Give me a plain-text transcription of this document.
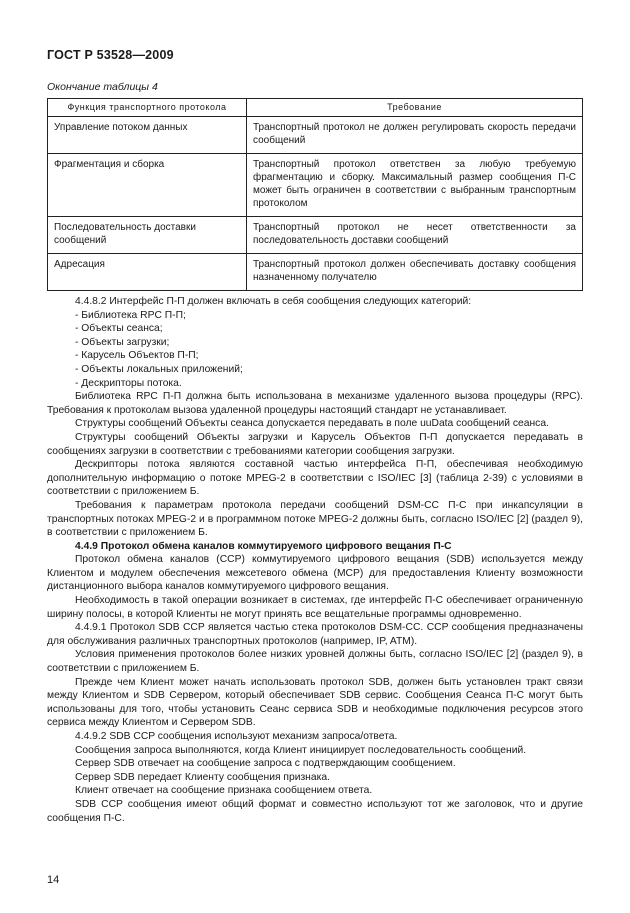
ГОСТ Р 53528—2009
Окончание таблицы 4
Функция транспортного протокола	Требование
Управление потоком данных	Транспортный протокол не должен регулировать скорость передачи сообщений
Фрагментация и сборка	Транспортный протокол ответствен за любую требуемую фрагментацию и сборку. Максимальный размер сообщения П-С может быть ограничен в соответствии с выбранным транспортным протоколом
Последовательность доставки сообщений	Транспортный протокол не несет ответственности за последовательность доставки сообщений
Адресация	Транспортный протокол должен обеспечивать доставку сообщения назначенному получателю

4.4.8.2 Интерфейс П-П должен включать в себя сообщения следующих категорий:

- Библиотека RPC П-П;

- Объекты сеанса;

- Объекты загрузки;

- Карусель Объектов П-П;

- Объекты локальных приложений;

- Дескрипторы потока.

Библиотека RPC П-П должна быть использована в механизме удаленного вызова процедуры (RPC). Требования к протоколам вызова удаленной процедуры настоящий стандарт не устанавливает.

Структуры сообщений Объекты сеанса допускается передавать в поле uuData сообщений сеанса.

Структуры сообщений Объекты загрузки и Карусель Объектов П-П допускается передавать в сообщениях загрузки в соответствии с требованиями категории сообщения загрузки.

Дескрипторы потока являются составной частью интерфейса П-П, обеспечивая необходимую дополнительную информацию о потоке MPEG-2 в соответствии с ISO/IEC [3] (таблица 2-39) с условиями в соответствии с приложением Б.

Требования к параметрам протокола передачи сообщений DSM-CC П-С при инкапсуляции в транспортных потоках MPEG-2 и в программном потоке MPEG-2 должны быть, согласно ISO/IEC [2] (раздел 9), в соответствии с приложением Б.

4.4.9 Протокол обмена каналов коммутируемого цифрового вещания П-С

Протокол обмена каналов (CCP) коммутируемого цифрового вещания (SDB) используется между Клиентом и модулем обеспечения межсетевого обмена (MCP) для предоставления Клиенту возможности дистанционного выбора каналов коммутируемого цифрового вещания.

Необходимость в такой операции возникает в системах, где интерфейс П-С обеспечивает ограниченную ширину полосы, в которой Клиенты не могут принять все вещательные программы одновременно.

4.4.9.1 Протокол SDB CCP является частью стека протоколов DSM-CC. CCP сообщения предназначены для обслуживания различных транспортных протоколов (например, IP, ATM).

Условия применения протоколов более низких уровней должны быть, согласно ISO/IEC [2] (раздел 9), в соответствии с приложением Б.

Прежде чем Клиент может начать использовать протокол SDB, должен быть установлен тракт связи между Клиентом и SDB Сервером, который обеспечивает SDB сервис. Сообщения Сеанса П-С могут быть использованы для того, чтобы установить Сеанс сервиса SDB и необходимые подключения ресурсов этого сервиса между Клиентом и Сервером SDB.

4.4.9.2 SDB CCP сообщения используют механизм запроса/ответа.

Сообщения запроса выполняются, когда Клиент инициирует последовательность сообщений.

Сервер SDB отвечает на сообщение запроса с подтверждающим сообщением.

Сервер SDB передает Клиенту сообщения признака.

Клиент отвечает на сообщение признака сообщением ответа.

SDB CCP сообщения имеют общий формат и совместно используют тот же заголовок, что и другие сообщения П-С.

14
